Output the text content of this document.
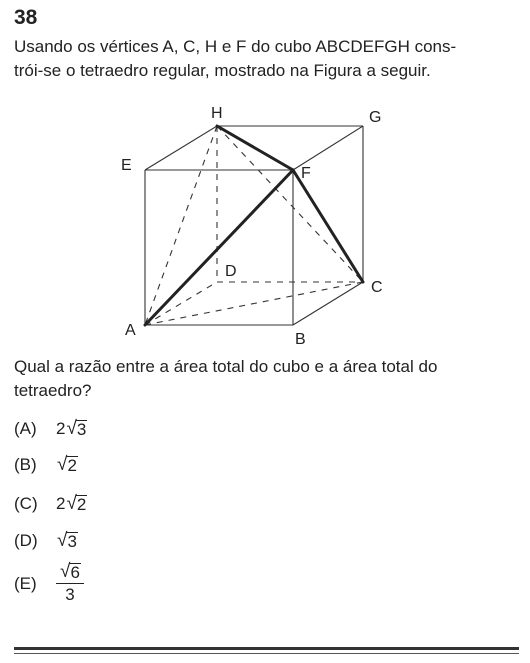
38

Usando os vértices A, C, H e F do cubo ABCDEFGH cons-
trói-se o tetraedro regular, mostrado na Figura a seguir.

H	G
E	F
D
C
A
B

Qual a razão entre a área total do cubo e a área total do tetraedro?

(A)	2 √ 3
(B)	√ 2
(C)	2 √ 2
(D)	√ 3
(E)	$\frac{√ 6}{3}$
